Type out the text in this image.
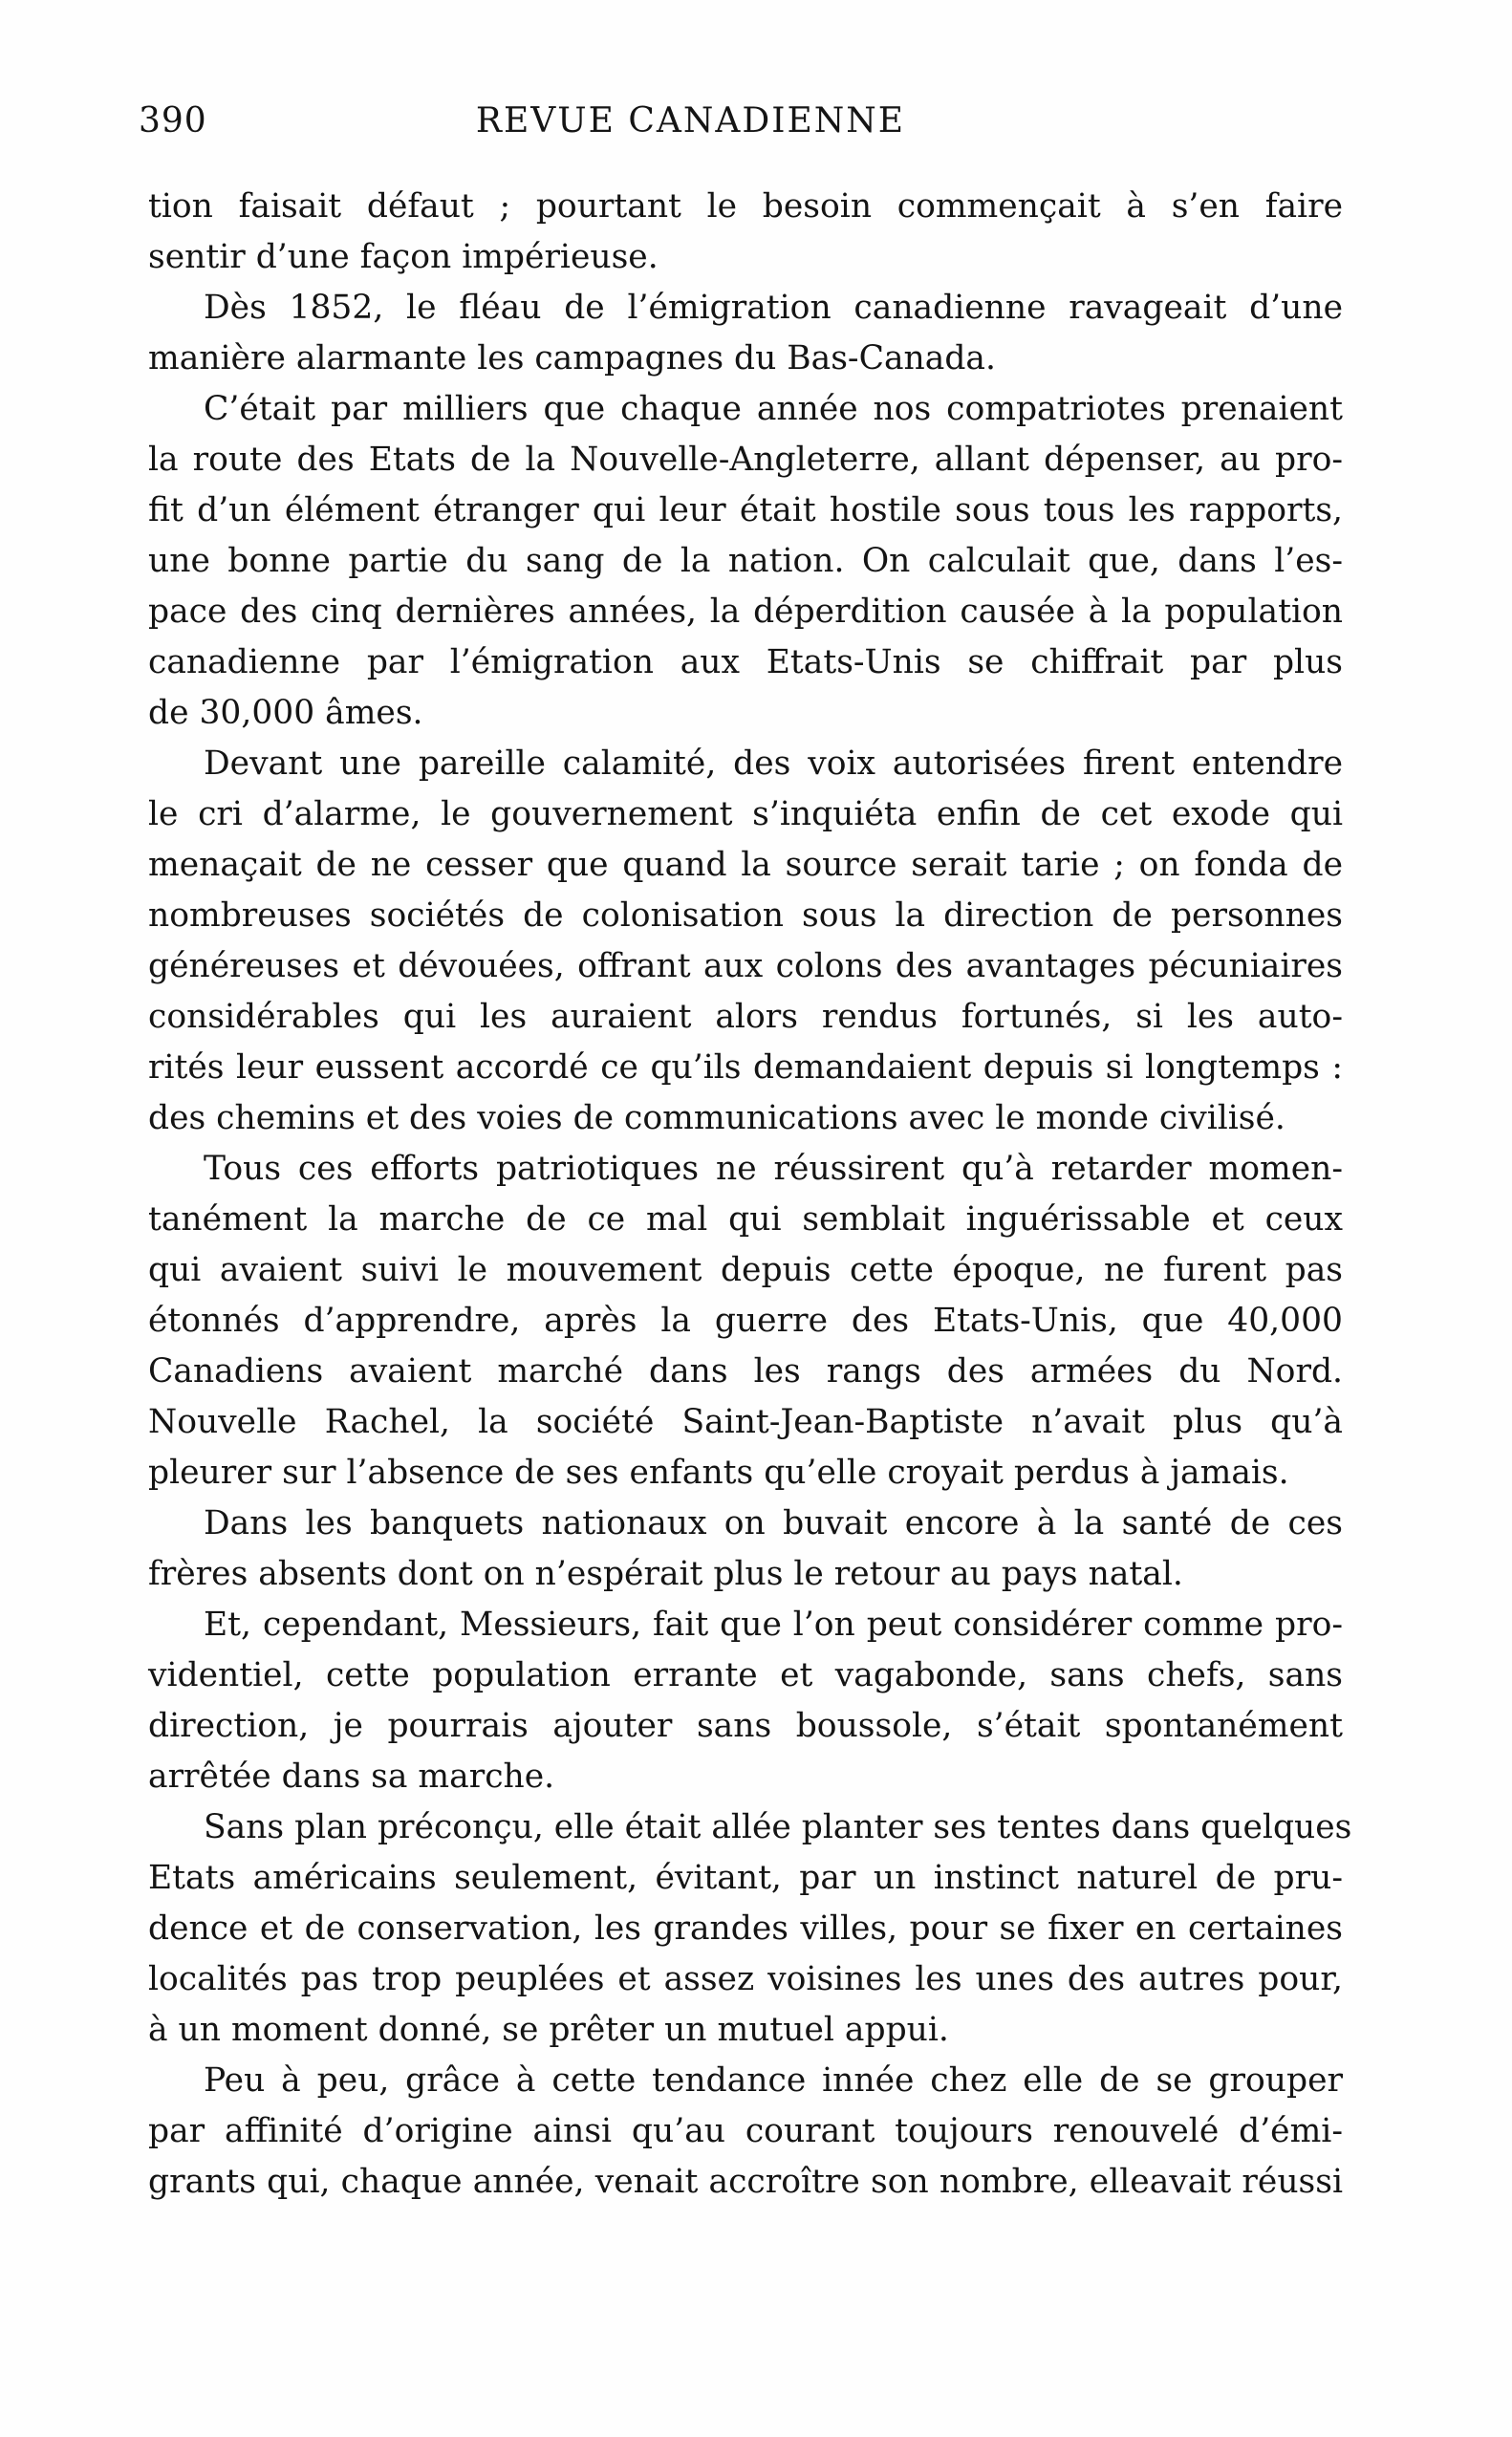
390	REVUE CANADIENNE
tion faisait défaut ; pourtant le besoin commençait à s’en faire
sentir d’une façon impérieuse.
Dès 1852, le fléau de l’émigration canadienne ravageait d’une
manière alarmante les campagnes du Bas-Canada.
C’était par milliers que chaque année nos compatriotes prenaient
la route des Etats de la Nouvelle-Angleterre, allant dépenser, au pro-
fit d’un élément étranger qui leur était hostile sous tous les rapports,
une bonne partie du sang de la nation. On calculait que, dans l’es-
pace des cinq dernières années, la déperdition causée à la population
canadienne par l’émigration aux Etats-Unis se chiffrait par plus
de 30,000 âmes.
Devant une pareille calamité, des voix autorisées firent entendre
le cri d’alarme, le gouvernement s’inquiéta enfin de cet exode qui
menaçait de ne cesser que quand la source serait tarie ; on fonda de
nombreuses sociétés de colonisation sous la direction de personnes
généreuses et dévouées, offrant aux colons des avantages pécuniaires
considérables qui les auraient alors rendus fortunés, si les auto-
rités leur eussent accordé ce qu’ils demandaient depuis si longtemps :
des chemins et des voies de communications avec le monde civilisé.
Tous ces efforts patriotiques ne réussirent qu’à retarder momen-
tanément la marche de ce mal qui semblait inguérissable et ceux
qui avaient suivi le mouvement depuis cette époque, ne furent pas
étonnés d’apprendre, après la guerre des Etats-Unis, que 40,000
Canadiens avaient marché dans les rangs des armées du Nord.
Nouvelle Rachel, la société Saint-Jean-Baptiste n’avait plus qu’à
pleurer sur l’absence de ses enfants qu’elle croyait perdus à jamais.
Dans les banquets nationaux on buvait encore à la santé de ces
frères absents dont on n’espérait plus le retour au pays natal.
Et, cependant, Messieurs, fait que l’on peut considérer comme pro-
videntiel, cette population errante et vagabonde, sans chefs, sans
direction, je pourrais ajouter sans boussole, s’était spontanément
arrêtée dans sa marche.
Sans plan préconçu, elle était allée planter ses tentes dans quelques
Etats américains seulement, évitant, par un instinct naturel de pru-
dence et de conservation, les grandes villes, pour se fixer en certaines
localités pas trop peuplées et assez voisines les unes des autres pour,
à un moment donné, se prêter un mutuel appui.
Peu à peu, grâce à cette tendance innée chez elle de se grouper
par affinité d’origine ainsi qu’au courant toujours renouvelé d’émi-
grants qui, chaque année, venait accroître son nombre, elleavait réussi
